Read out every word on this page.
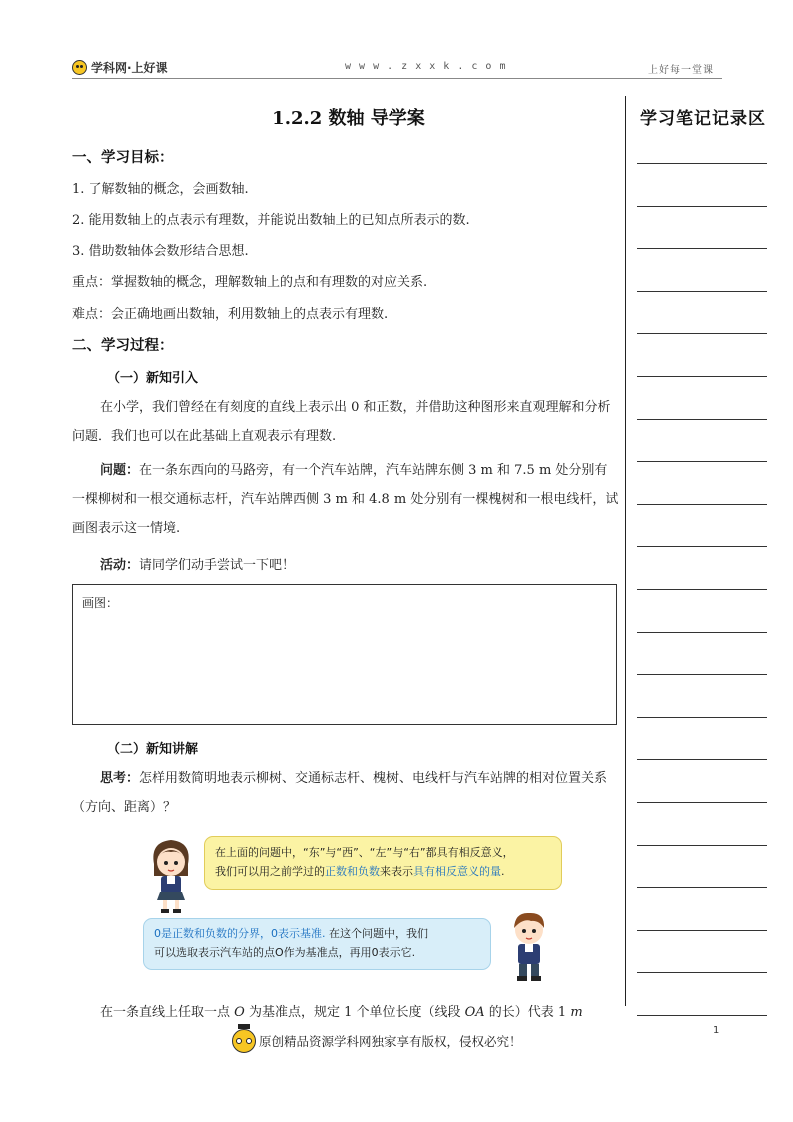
学科网·上好课	w w w . z x x k . c o m	上好每一堂课
学习笔记记录区
1.2.2 数轴 导学案
一、学习目标：
1. 了解数轴的概念，会画数轴.
2. 能用数轴上的点表示有理数，并能说出数轴上的已知点所表示的数.
3. 借助数轴体会数形结合思想.
重点：掌握数轴的概念，理解数轴上的点和有理数的对应关系.
难点：会正确地画出数轴，利用数轴上的点表示有理数.
二、学习过程：
（一）新知引入
在小学，我们曾经在有刻度的直线上表示出 0 和正数，并借助这种图形来直观理解和分析问题．我们也可以在此基础上直观表示有理数.
问题：在一条东西向的马路旁，有一个汽车站牌，汽车站牌东侧 3 m 和 7.5 m 处分别有一棵柳树和一根交通标志杆，汽车站牌西侧 3 m 和 4.8 m 处分别有一棵槐树和一根电线杆，试画图表示这一情境.
活动：请同学们动手尝试一下吧！
画图：
（二）新知讲解
思考：怎样用数简明地表示柳树、交通标志杆、槐树、电线杆与汽车站牌的相对位置关系（方向、距离）？
在上面的问题中，“东”与“西”、“左”与“右”都具有相反意义，
我们可以用之前学过的正数和负数来表示具有相反意义的量.
0是正数和负数的分界，0表示基准. 在这个问题中，我们
可以选取表示汽车站的点O作为基准点，再用0表示它.
在一条直线上任取一点 O 为基准点，规定 1 个单位长度（线段 OA 的长）代表 1 m
1
原创精品资源学科网独家享有版权，侵权必究！
